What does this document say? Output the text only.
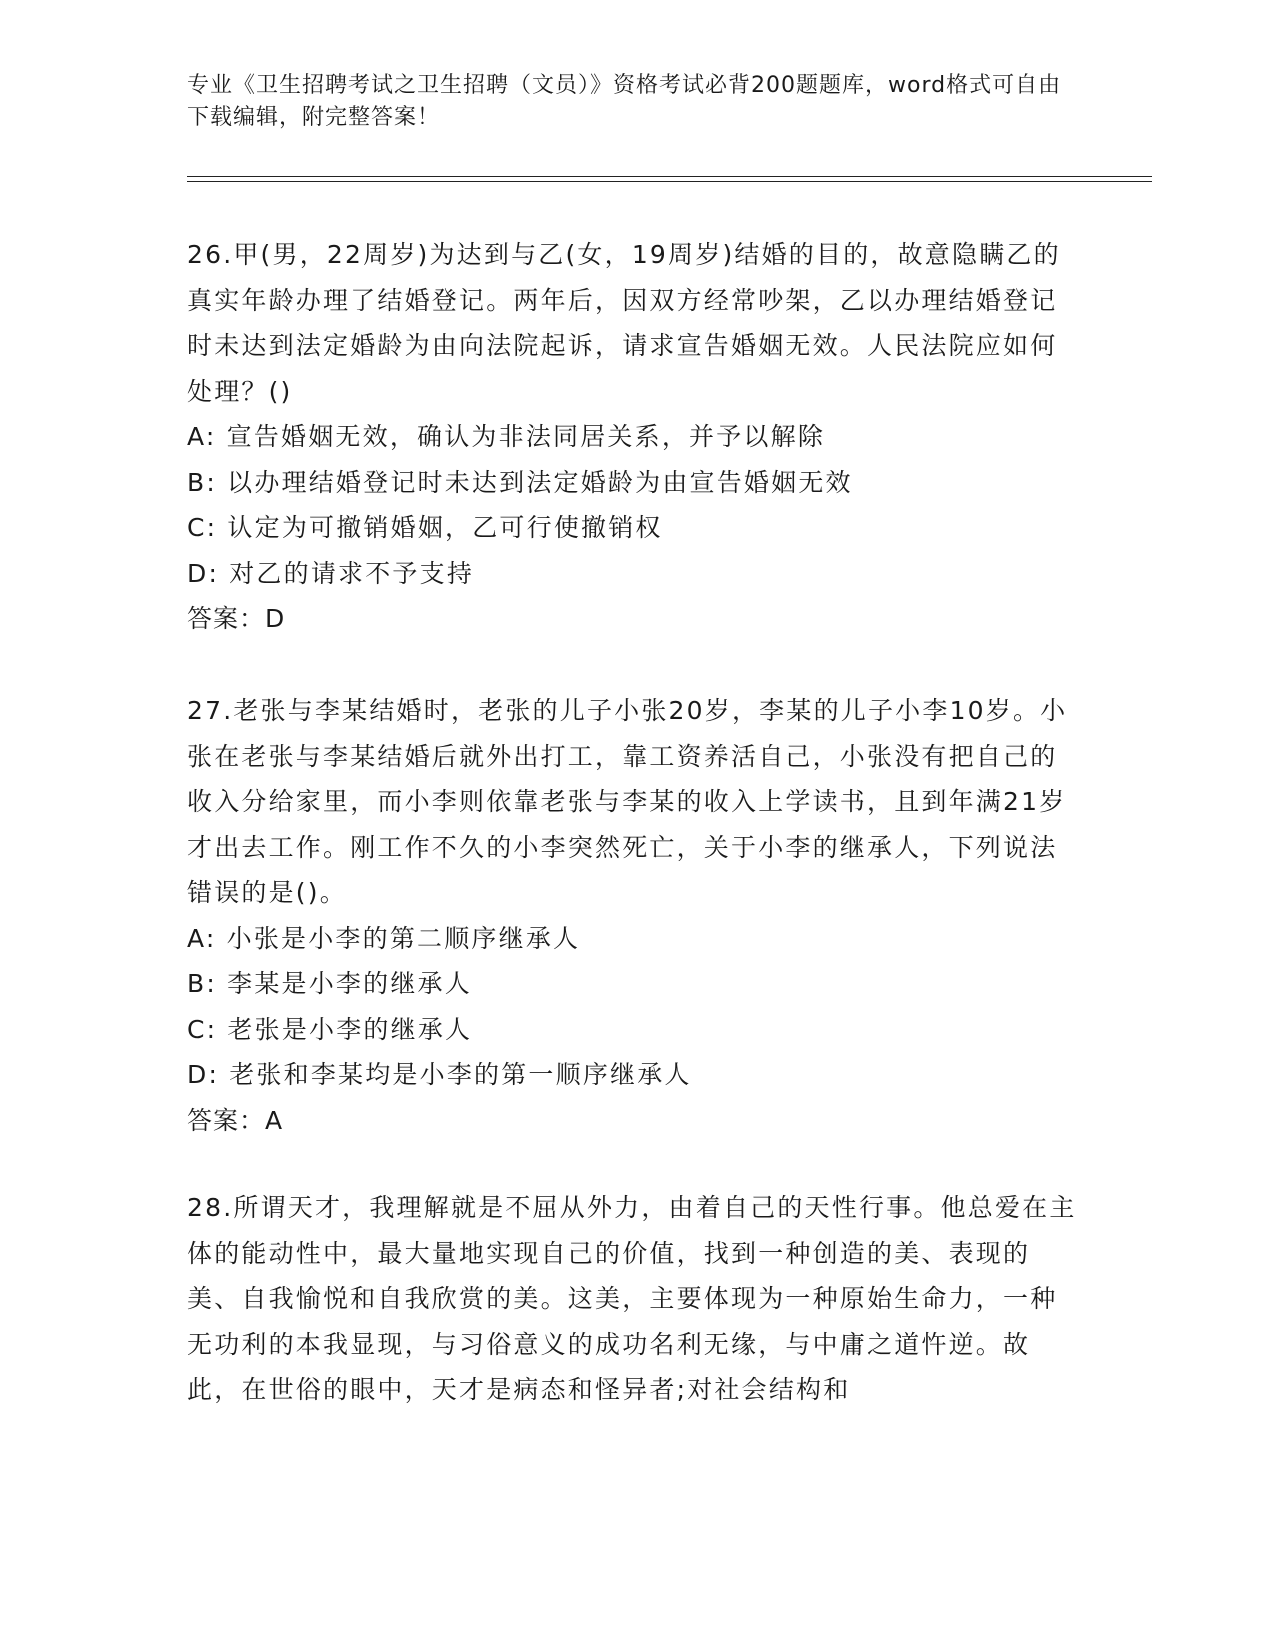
专业《卫生招聘考试之卫生招聘（文员）》资格考试必背200题题库，word格式可自由下载编辑，附完整答案！

26.甲(男，22周岁)为达到与乙(女，19周岁)结婚的目的，故意隐瞒乙的真实年龄办理了结婚登记。两年后，因双方经常吵架，乙以办理结婚登记时未达到法定婚龄为由向法院起诉，请求宣告婚姻无效。人民法院应如何处理？()

A: 宣告婚姻无效，确认为非法同居关系，并予以解除

B: 以办理结婚登记时未达到法定婚龄为由宣告婚姻无效

C: 认定为可撤销婚姻，乙可行使撤销权

D: 对乙的请求不予支持

答案：D

27.老张与李某结婚时，老张的儿子小张20岁，李某的儿子小李10岁。小张在老张与李某结婚后就外出打工，靠工资养活自己，小张没有把自己的收入分给家里，而小李则依靠老张与李某的收入上学读书，且到年满21岁才出去工作。刚工作不久的小李突然死亡，关于小李的继承人，下列说法错误的是()。

A: 小张是小李的第二顺序继承人

B: 李某是小李的继承人

C: 老张是小李的继承人

D: 老张和李某均是小李的第一顺序继承人

答案：A

28.所谓天才，我理解就是不屈从外力，由着自己的天性行事。他总爱在主体的能动性中，最大量地实现自己的价值，找到一种创造的美、表现的美、自我愉悦和自我欣赏的美。这美，主要体现为一种原始生命力，一种无功利的本我显现，与习俗意义的成功名利无缘，与中庸之道忤逆。故此，在世俗的眼中，天才是病态和怪异者;对社会结构和
